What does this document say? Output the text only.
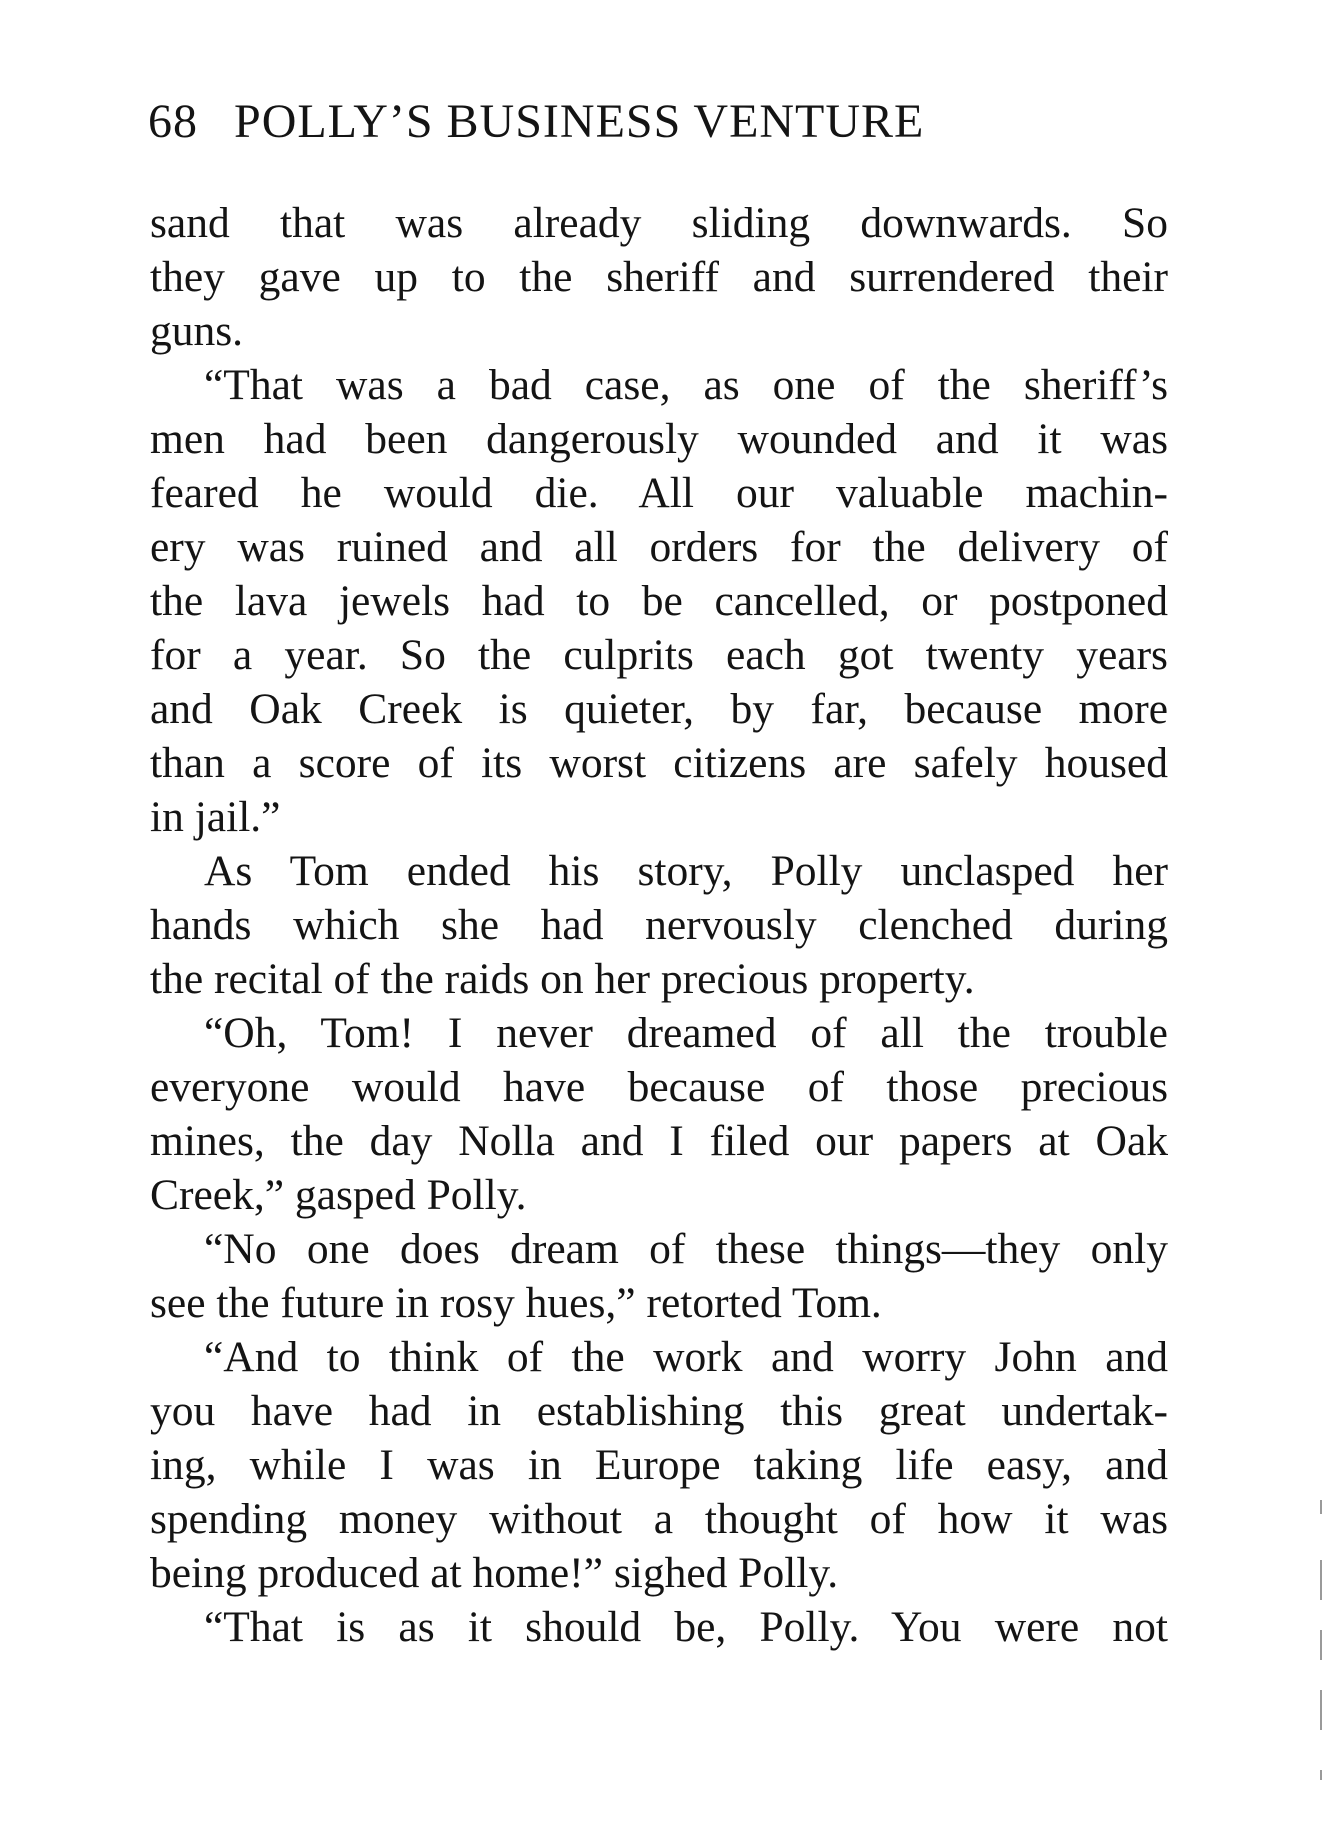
68 POLLY’S BUSINESS VENTURE
sand that was already sliding downwards. So
they gave up to the sheriff and surrendered their
guns.
“That was a bad case, as one of the sheriff’s
men had been dangerously wounded and it was
feared he would die. All our valuable machin-
ery was ruined and all orders for the delivery of
the lava jewels had to be cancelled, or postponed
for a year. So the culprits each got twenty years
and Oak Creek is quieter, by far, because more
than a score of its worst citizens are safely housed
in jail.”
As Tom ended his story, Polly unclasped her
hands which she had nervously clenched during
the recital of the raids on her precious property.
“Oh, Tom! I never dreamed of all the trouble
everyone would have because of those precious
mines, the day Nolla and I filed our papers at Oak
Creek,” gasped Polly.
“No one does dream of these things—they only
see the future in rosy hues,” retorted Tom.
“And to think of the work and worry John and
you have had in establishing this great undertak-
ing, while I was in Europe taking life easy, and
spending money without a thought of how it was
being produced at home!” sighed Polly.
“That is as it should be, Polly. You were not
